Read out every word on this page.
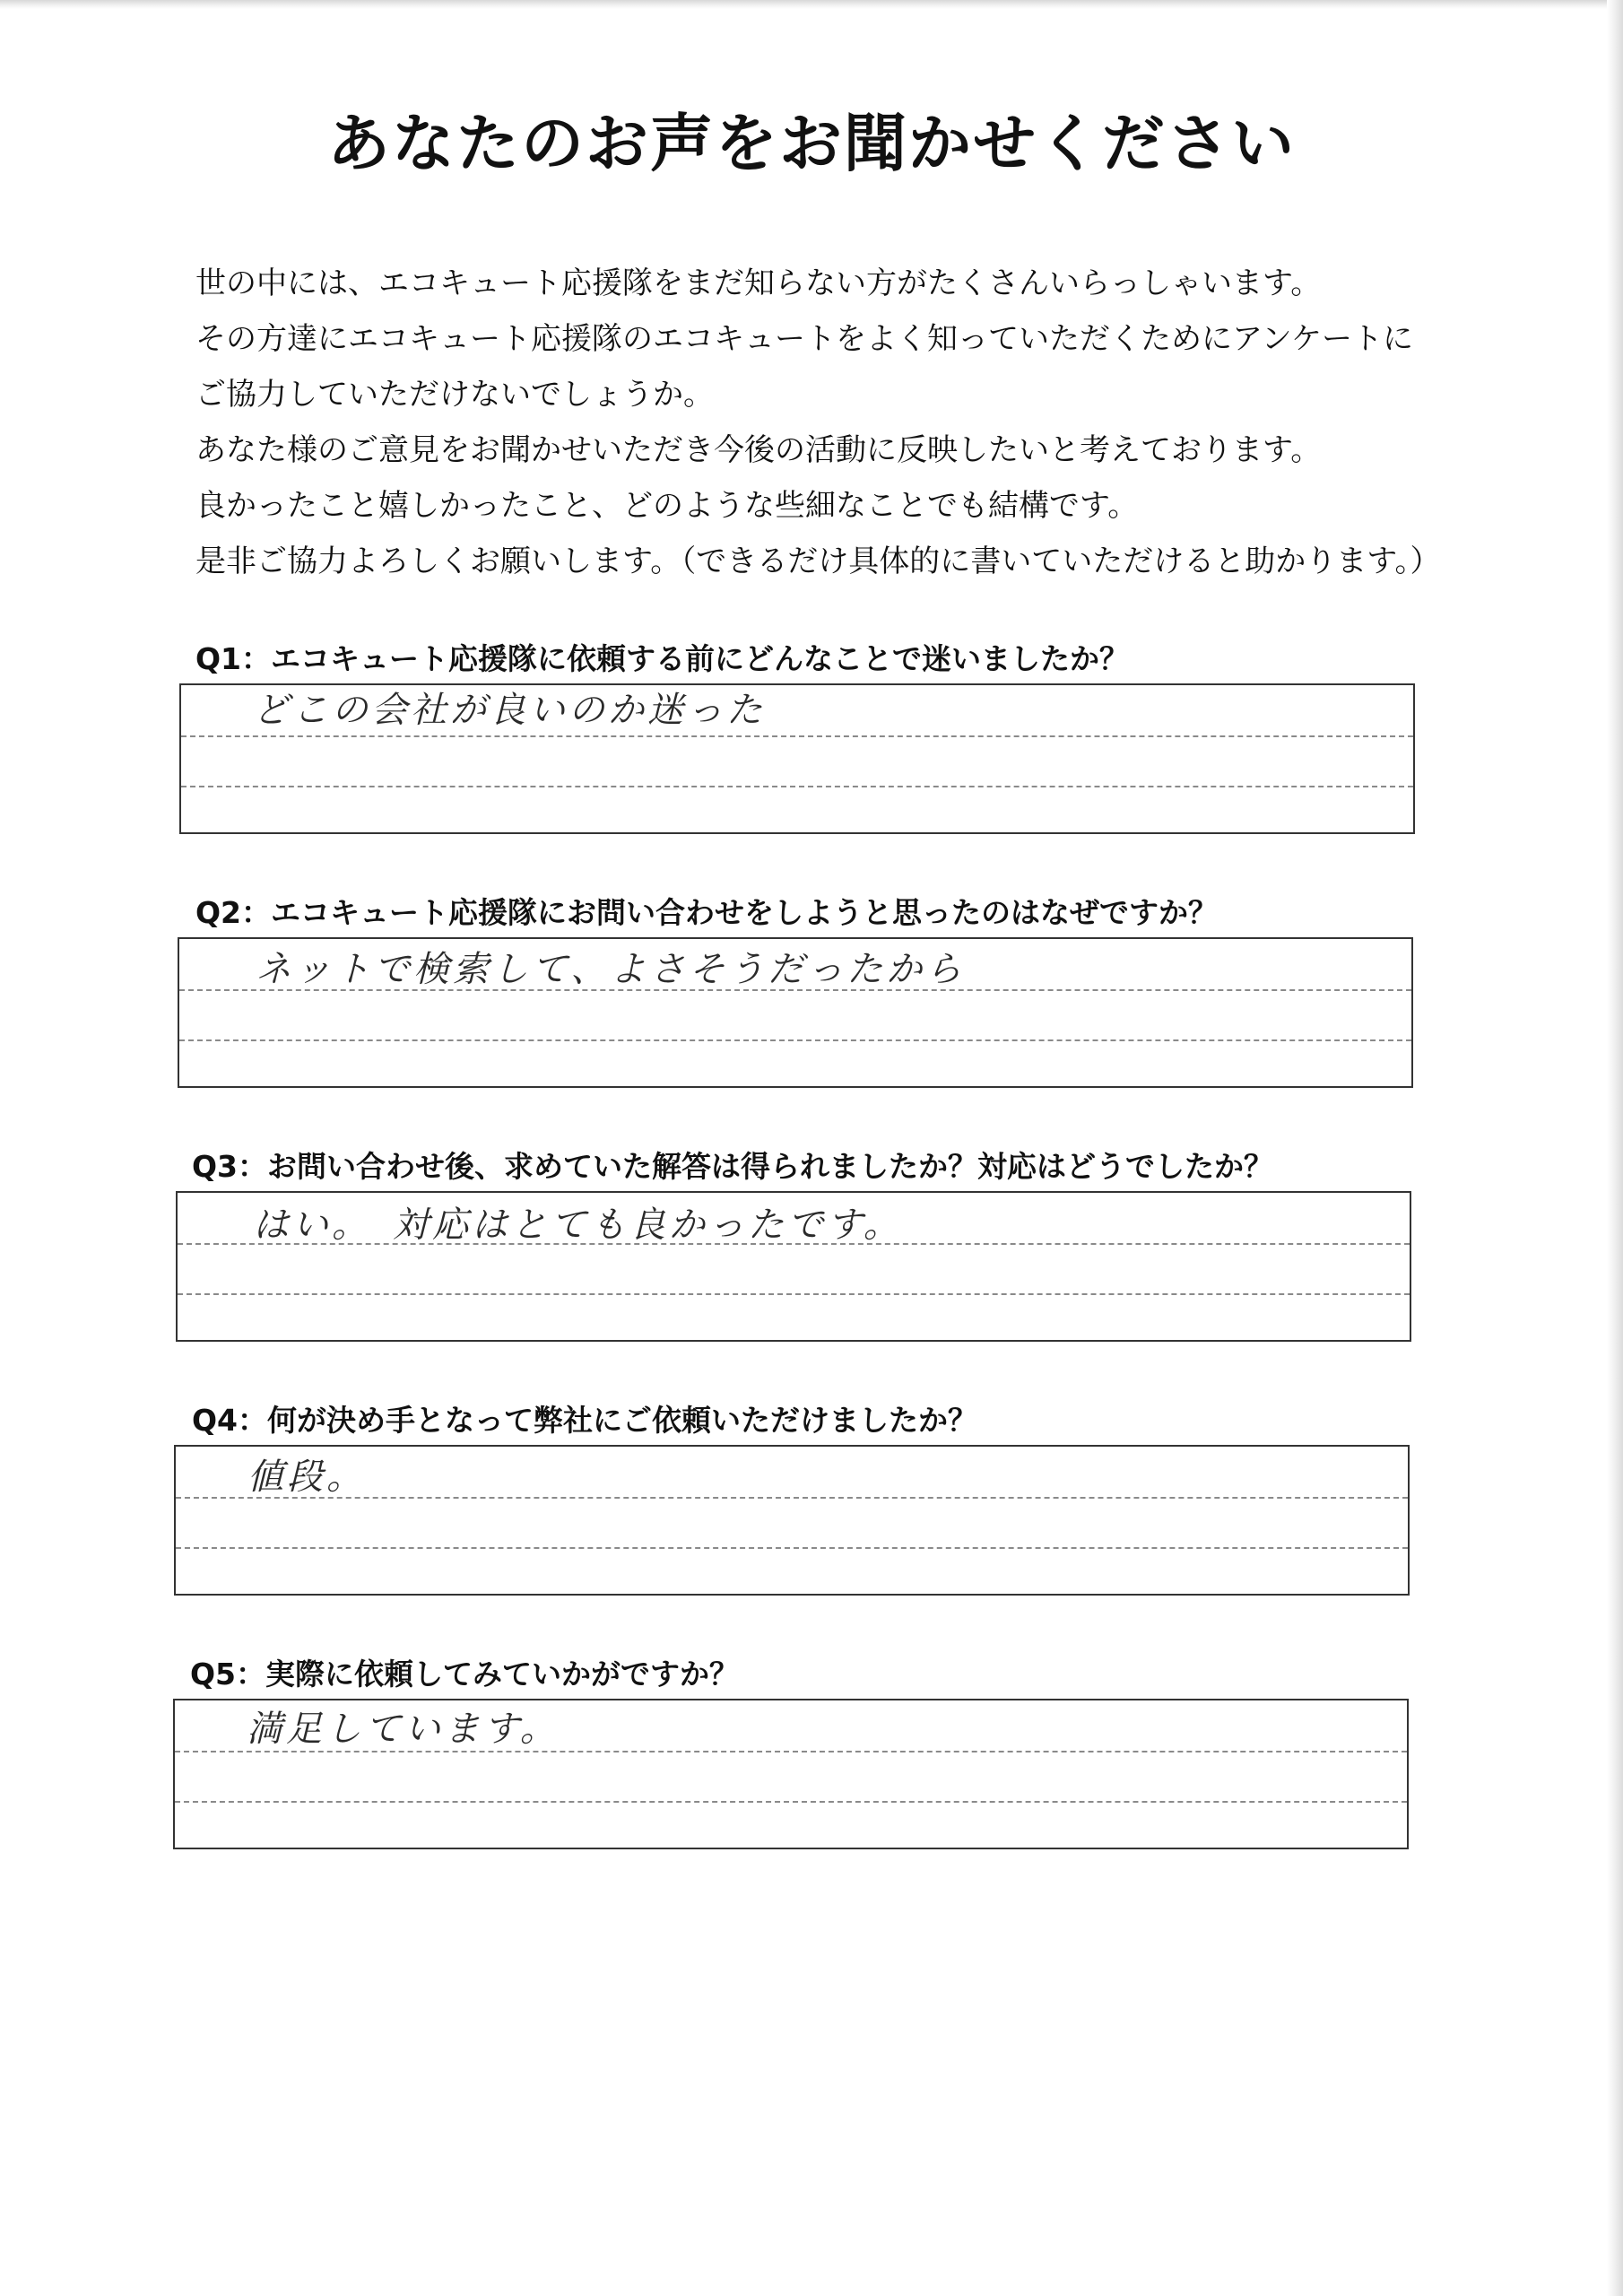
あなたのお声をお聞かせください
世の中には、エコキュート応援隊をまだ知らない方がたくさんいらっしゃいます。
その方達にエコキュート応援隊のエコキュートをよく知っていただくためにアンケートに
ご協力していただけないでしょうか。
あなた様のご意見をお聞かせいただき今後の活動に反映したいと考えております。
良かったこと嬉しかったこと、どのような些細なことでも結構です。
是非ご協力よろしくお願いします。（できるだけ具体的に書いていただけると助かります。）
Q1：エコキュート応援隊に依頼する前にどんなことで迷いましたか？
どこの会社が良いのか迷った
Q2：エコキュート応援隊にお問い合わせをしようと思ったのはなぜですか？
ネットで検索して、よさそうだったから
Q3：お問い合わせ後、求めていた解答は得られましたか？対応はどうでしたか？
はい。　対応はとても良かったです。
Q4：何が決め手となって弊社にご依頼いただけましたか？
値段。
Q5：実際に依頼してみていかがですか？
満足しています。
